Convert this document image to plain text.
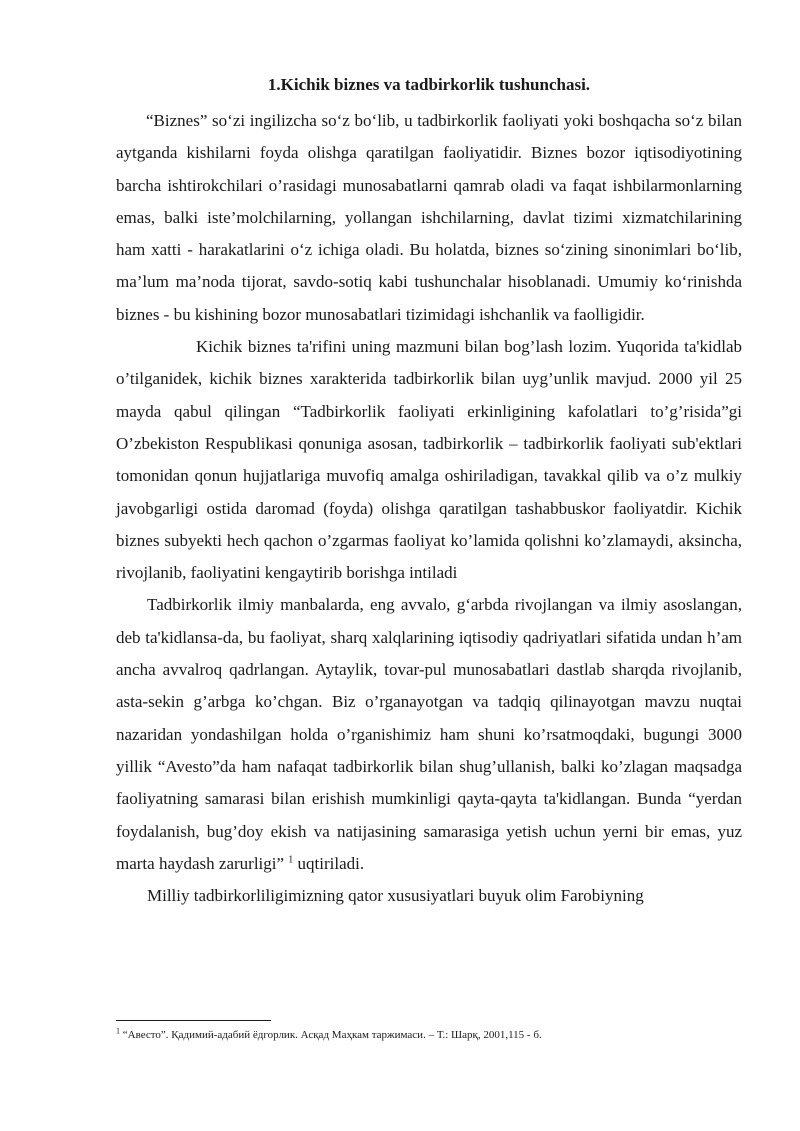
1.Kichik biznes va tadbirkorlik tushunchasi.

“Biznes” so‘zi ingilizcha so‘z bo‘lib, u tadbirkorlik faoliyati yoki boshqacha so‘z bilan aytganda kishilarni foyda olishga qaratilgan faoliyatidir. Biznes bozor iqtisodiyotining barcha ishtirokchilari o’rasidagi munosabatlarni qamrab oladi va faqat ishbilarmonlarning emas, balki iste’molchilarning, yollangan ishchilarning, davlat tizimi xizmatchilarining ham xatti - harakatlarini o‘z ichiga oladi. Bu holatda, biznes so‘zining sinonimlari bo‘lib, ma’lum ma’noda tijorat, savdo-sotiq kabi tushunchalar hisoblanadi. Umumiy ko‘rinishda biznes - bu kishining bozor munosabatlari tizimidagi ishchanlik va faolligidir.

Kichik biznes ta'rifini uning mazmuni bilan bog’lash lozim. Yuqorida ta'kidlab o’tilganidek, kichik biznes xarakterida tadbirkorlik bilan uyg’unlik mavjud. 2000 yil 25 mayda qabul qilingan “Tadbirkorlik faoliyati erkinligining kafolatlari to’g’risida”gi O’zbekiston Respublikasi qonuniga asosan, tadbirkorlik – tadbirkorlik faoliyati sub'ektlari tomonidan qonun hujjatlariga muvofiq amalga oshiriladigan, tavakkal qilib va o’z mulkiy javobgarligi ostida daromad (foyda) olishga qaratilgan tashabbuskor faoliyatdir. Kichik biznes subyekti hech qachon o’zgarmas faoliyat ko’lamida qolishni ko’zlamaydi, aksincha, rivojlanib, faoliyatini kengaytirib borishga intiladi

Tadbirkorlik ilmiy manbalarda, eng avvalo, g‘arbda rivojlangan va ilmiy asoslangan, deb ta'kidlansa-da, bu faoliyat, sharq xalqlarining iqtisodiy qadriyatlari sifatida undan h’am ancha avvalroq qadrlangan. Aytaylik, tovar-pul munosabatlari dastlab sharqda rivojlanib, asta-sekin g’arbga ko’chgan. Biz o’rganayotgan va tadqiq qilinayotgan mavzu nuqtai nazaridan yondashilgan holda o’rganishimiz ham shuni ko’rsatmoqdaki, bugungi 3000 yillik “Avesto”da ham nafaqat tadbirkorlik bilan shug’ullanish, balki ko’zlagan maqsadga faoliyatning samarasi bilan erishish mumkinligi qayta-qayta ta'kidlangan. Bunda “yerdan foydalanish, bug’doy ekish va natijasining samarasiga yetish uchun yerni bir emas, yuz marta haydash zarurligi” $^1$ uqtiriladi.

Milliy tadbirkorliligimizning qator xususiyatlari buyuk olim Farobiyning

$^1$ “Авесто”. Қадимий-адабий ёдгорлик. Асқад Маҳкам таржимаси. – Т.: Шарқ, 2001,115 - б.
